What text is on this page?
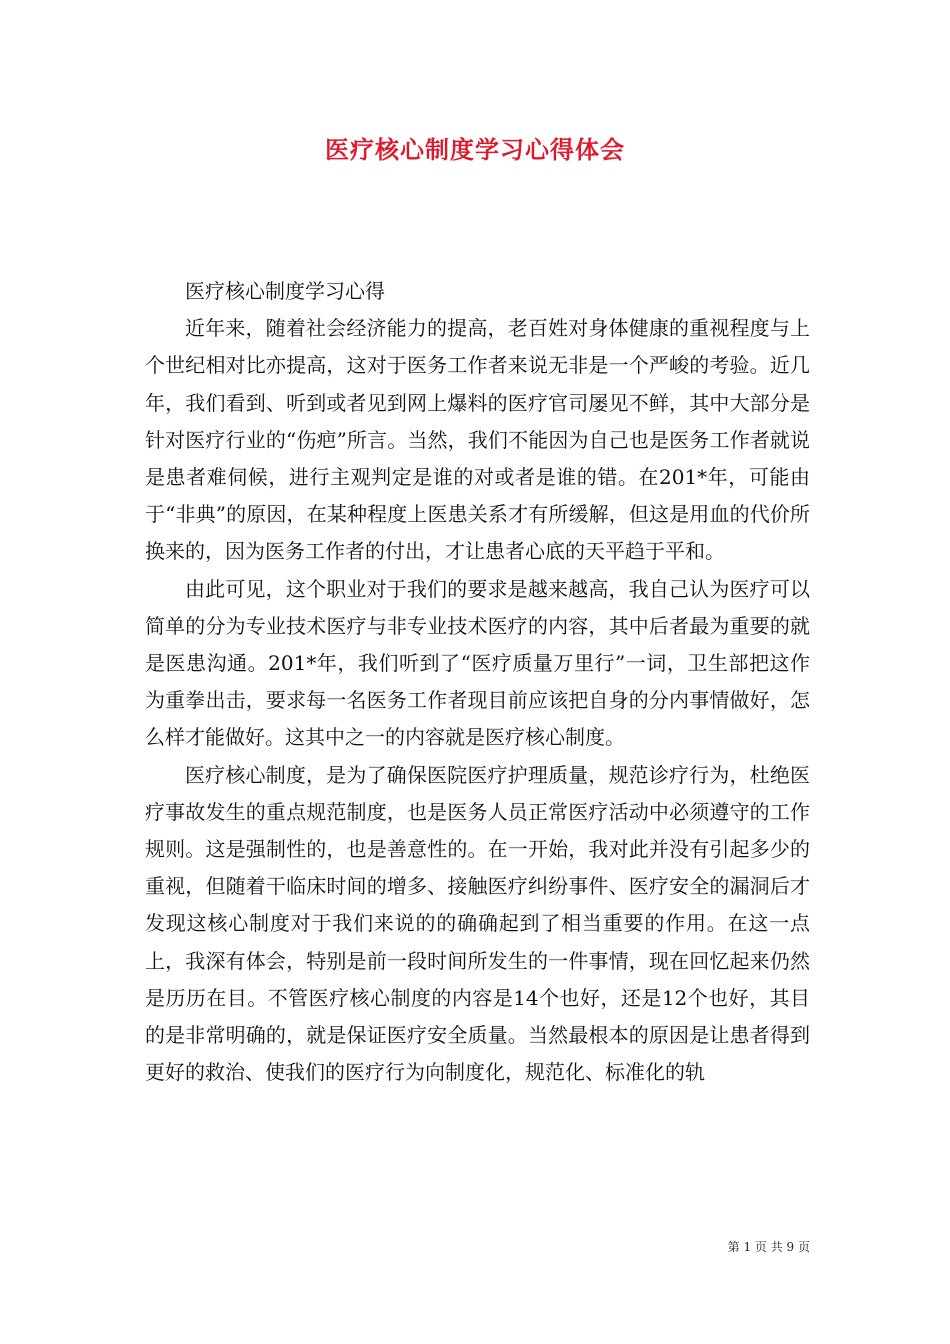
医疗核心制度学习心得体会

医疗核心制度学习心得

近年来，随着社会经济能力的提高，老百姓对身体健康的重视程度与上个世纪相对比亦提高，这对于医务工作者来说无非是一个严峻的考验。近几年，我们看到、听到或者见到网上爆料的医疗官司屡见不鲜，其中大部分是针对医疗行业的“伤疤”所言。当然，我们不能因为自己也是医务工作者就说是患者难伺候，进行主观判定是谁的对或者是谁的错。在201*年，可能由于“非典”的原因，在某种程度上医患关系才有所缓解，但这是用血的代价所换来的，因为医务工作者的付出，才让患者心底的天平趋于平和。

由此可见，这个职业对于我们的要求是越来越高，我自己认为医疗可以简单的分为专业技术医疗与非专业技术医疗的内容，其中后者最为重要的就是医患沟通。201*年，我们听到了“医疗质量万里行”一词，卫生部把这作为重拳出击，要求每一名医务工作者现目前应该把自身的分内事情做好，怎么样才能做好。这其中之一的内容就是医疗核心制度。

医疗核心制度，是为了确保医院医疗护理质量，规范诊疗行为，杜绝医疗事故发生的重点规范制度，也是医务人员正常医疗活动中必须遵守的工作规则。这是强制性的，也是善意性的。在一开始，我对此并没有引起多少的重视，但随着干临床时间的增多、接触医疗纠纷事件、医疗安全的漏洞后才发现这核心制度对于我们来说的的确确起到了相当重要的作用。在这一点上，我深有体会，特别是前一段时间所发生的一件事情，现在回忆起来仍然是历历在目。不管医疗核心制度的内容是14个也好，还是12个也好，其目的是非常明确的，就是保证医疗安全质量。当然最根本的原因是让患者得到更好的救治、使我们的医疗行为向制度化，规范化、标准化的轨

第 1 页 共 9 页
